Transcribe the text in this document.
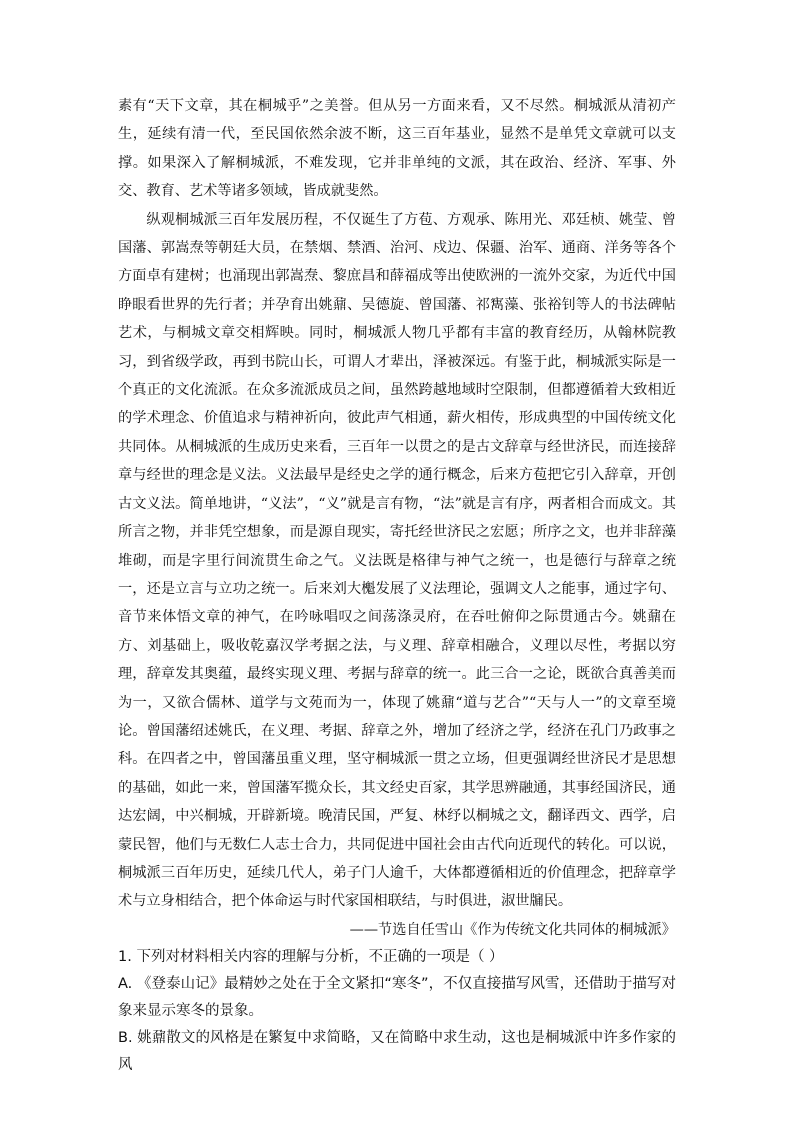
素有“天下文章，其在桐城乎”之美誉。但从另一方面来看，又不尽然。桐城派从清初产生，延续有清一代，至民国依然余波不断，这三百年基业，显然不是单凭文章就可以支撑。如果深入了解桐城派，不难发现，它并非单纯的文派，其在政治、经济、军事、外交、教育、艺术等诸多领域，皆成就斐然。

纵观桐城派三百年发展历程，不仅诞生了方苞、方观承、陈用光、邓廷桢、姚莹、曾国藩、郭嵩焘等朝廷大员，在禁烟、禁酒、治河、戍边、保疆、治军、通商、洋务等各个方面卓有建树；也涌现出郭嵩焘、黎庶昌和薛福成等出使欧洲的一流外交家，为近代中国睁眼看世界的先行者；并孕育出姚鼐、吴德旋、曾国藩、祁寯藻、张裕钊等人的书法碑帖艺术，与桐城文章交相辉映。同时，桐城派人物几乎都有丰富的教育经历，从翰林院教习，到省级学政，再到书院山长，可谓人才辈出，泽被深远。有鉴于此，桐城派实际是一个真正的文化流派。在众多流派成员之间，虽然跨越地域时空限制，但都遵循着大致相近的学术理念、价值追求与精神祈向，彼此声气相通，薪火相传，形成典型的中国传统文化共同体。从桐城派的生成历史来看，三百年一以贯之的是古文辞章与经世济民，而连接辞章与经世的理念是义法。义法最早是经史之学的通行概念，后来方苞把它引入辞章，开创古文义法。简单地讲，“义法”，“义”就是言有物，“法”就是言有序，两者相合而成文。其所言之物，并非凭空想象，而是源自现实，寄托经世济民之宏愿；所序之文，也并非辞藻堆砌，而是字里行间流贯生命之气。义法既是格律与神气之统一，也是德行与辞章之统一，还是立言与立功之统一。后来刘大櫆发展了义法理论，强调文人之能事，通过字句、音节来体悟文章的神气，在吟咏唱叹之间荡涤灵府，在吞吐俯仰之际贯通古今。姚鼐在方、刘基础上，吸收乾嘉汉学考据之法，与义理、辞章相融合，义理以尽性，考据以穷理，辞章发其奥蕴，最终实现义理、考据与辞章的统一。此三合一之论，既欲合真善美而为一，又欲合儒林、道学与文苑而为一，体现了姚鼐“道与艺合”“天与人一”的文章至境论。曾国藩绍述姚氏，在义理、考据、辞章之外，增加了经济之学，经济在孔门乃政事之科。在四者之中，曾国藩虽重义理，坚守桐城派一贯之立场，但更强调经世济民才是思想的基础，如此一来，曾国藩军揽众长，其文经史百家，其学思辨融通，其事经国济民，通达宏阔，中兴桐城，开辟新境。晚清民国，严复、林纾以桐城之文，翻译西文、西学，启蒙民智，他们与无数仁人志士合力，共同促进中国社会由古代向近现代的转化。可以说，桐城派三百年历史，延续几代人，弟子门人逾千，大体都遵循相近的价值理念，把辞章学术与立身相结合，把个体命运与时代家国相联结，与时俱进，淑世牖民。

——节选自任雪山《作为传统文化共同体的桐城派》

1. 下列对材料相关内容的理解与分析，不正确的一项是（ ）

A. 《登泰山记》最精妙之处在于全文紧扣“寒冬”，不仅直接描写风雪，还借助于描写对象来显示寒冬的景象。

B. 姚鼐散文的风格是在繁复中求简略，又在简略中求生动，这也是桐城派中许多作家的风
